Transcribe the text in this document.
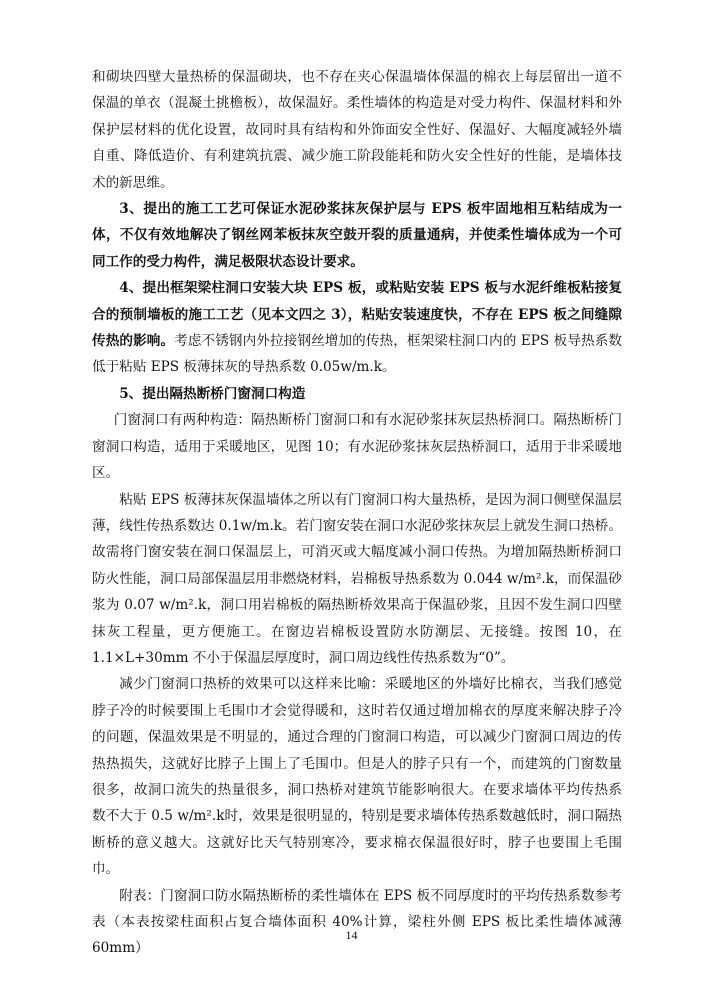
和砌块四壁大量热桥的保温砌块，也不存在夹心保温墙体保温的棉衣上每层留出一道不保温的单衣（混凝土挑檐板），故保温好。柔性墙体的构造是对受力构件、保温材料和外保护层材料的优化设置，故同时具有结构和外饰面安全性好、保温好、大幅度减轻外墙自重、降低造价、有利建筑抗震、减少施工阶段能耗和防火安全性好的性能，是墙体技术的新思维。

3、提出的施工工艺可保证水泥砂浆抹灰保护层与 EPS 板牢固地相互粘结成为一体，不仅有效地解决了钢丝网苯板抹灰空鼓开裂的质量通病，并使柔性墙体成为一个可同工作的受力构件，满足极限状态设计要求。

4、提出框架梁柱洞口安装大块 EPS 板，或粘贴安装 EPS 板与水泥纤维板粘接复合的预制墙板的施工工艺（见本文四之 3），粘贴安装速度快，不存在 EPS 板之间缝隙传热的影响。考虑不锈钢内外拉接钢丝增加的传热，框架梁柱洞口内的 EPS 板导热系数低于粘贴 EPS 板薄抹灰的导热系数 0.05w/m.k。

5、提出隔热断桥门窗洞口构造

门窗洞口有两种构造：隔热断桥门窗洞口和有水泥砂浆抹灰层热桥洞口。隔热断桥门窗洞口构造，适用于采暖地区，见图 10；有水泥砂浆抹灰层热桥洞口，适用于非采暖地区。

粘贴 EPS 板薄抹灰保温墙体之所以有门窗洞口构大量热桥，是因为洞口侧壁保温层薄，线性传热系数达 0.1w/m.k。若门窗安装在洞口水泥砂浆抹灰层上就发生洞口热桥。故需将门窗安装在洞口保温层上，可消灭或大幅度减小洞口传热。为增加隔热断桥洞口防火性能，洞口局部保温层用非燃烧材料，岩棉板导热系数为 0.044 w/m².k，而保温砂浆为 0.07 w/m².k，洞口用岩棉板的隔热断桥效果高于保温砂浆，且因不发生洞口四壁抹灰工程量，更方便施工。在窗边岩棉板设置防水防潮层、无接缝。按图 10，在 1.1×L+30mm 不小于保温层厚度时，洞口周边线性传热系数为“0”。

减少门窗洞口热桥的效果可以这样来比喻：采暖地区的外墙好比棉衣，当我们感觉脖子冷的时候要围上毛围巾才会觉得暖和，这时若仅通过增加棉衣的厚度来解决脖子冷的问题，保温效果是不明显的，通过合理的门窗洞口构造，可以减少门窗洞口周边的传热热损失，这就好比脖子上围上了毛围巾。但是人的脖子只有一个，而建筑的门窗数量很多，故洞口流失的热量很多，洞口热桥对建筑节能影响很大。在要求墙体平均传热系数不大于 0.5 w/m².k时，效果是很明显的，特别是要求墙体传热系数越低时，洞口隔热断桥的意义越大。这就好比天气特别寒冷，要求棉衣保温很好时，脖子也要围上毛围巾。

附表：门窗洞口防水隔热断桥的柔性墙体在 EPS 板不同厚度时的平均传热系数参考表（本表按梁柱面积占复合墙体面积 40%计算，梁柱外侧 EPS 板比柔性墙体减薄 60mm）

14
